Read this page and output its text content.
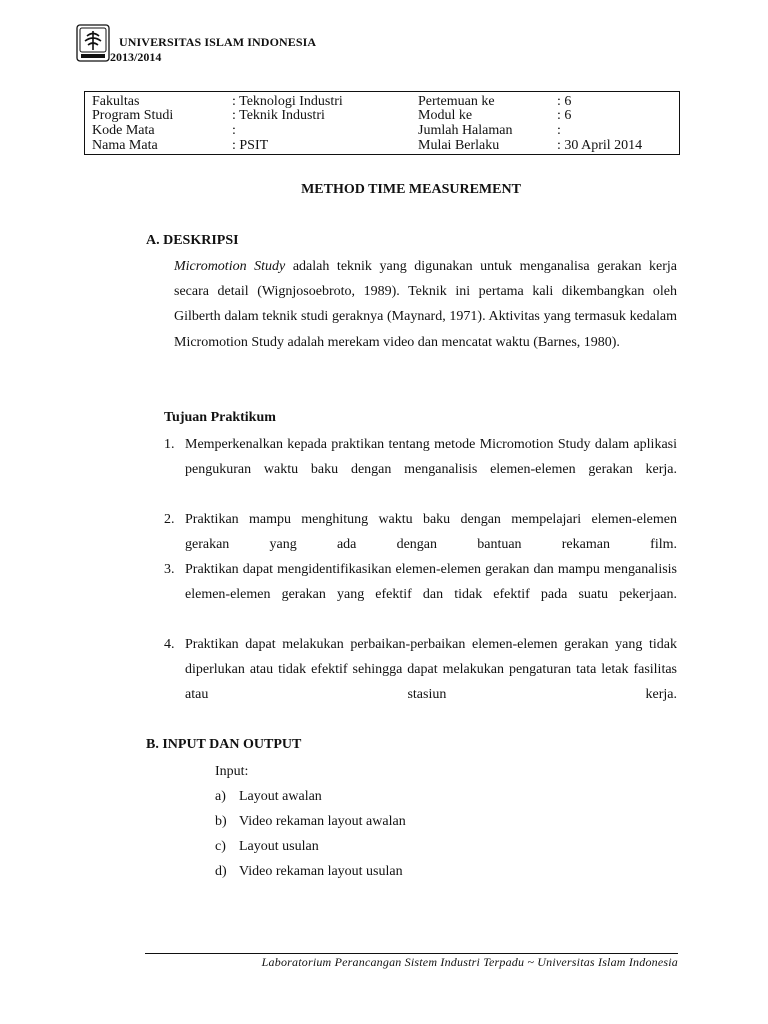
UNIVERSITAS ISLAM INDONESIA
2013/2014
Fakultas	: Teknologi Industri	Pertemuan ke	: 6
Program Studi	: Teknik Industri	Modul ke	: 6
Kode Mata	:	Jumlah Halaman	:
Nama Mata	: PSIT	Mulai Berlaku	: 30 April 2014
METHOD TIME MEASUREMENT
A. DESKRIPSI
Micromotion Study adalah teknik yang digunakan untuk menganalisa gerakan kerja secara detail (Wignjosoebroto, 1989). Teknik ini pertama kali dikembangkan oleh Gilberth dalam teknik studi geraknya (Maynard, 1971). Aktivitas yang termasuk kedalam Micromotion Study adalah merekam video dan mencatat waktu (Barnes, 1980).
Tujuan Praktikum
1. Memperkenalkan kepada praktikan tentang metode Micromotion Study dalam aplikasi pengukuran waktu baku dengan menganalisis elemen-elemen gerakan kerja.
2. Praktikan mampu menghitung waktu baku dengan mempelajari elemen-elemen gerakan yang ada dengan bantuan rekaman film.
3. Praktikan dapat mengidentifikasikan elemen-elemen gerakan dan mampu menganalisis elemen-elemen gerakan yang efektif dan tidak efektif pada suatu pekerjaan.
4. Praktikan dapat melakukan perbaikan-perbaikan elemen-elemen gerakan yang tidak diperlukan atau tidak efektif sehingga dapat melakukan pengaturan tata letak fasilitas atau stasiun kerja.
B. INPUT DAN OUTPUT
Input:
a) Layout awalan
b) Video rekaman layout awalan
c) Layout usulan
d) Video rekaman layout usulan
Laboratorium Perancangan Sistem Industri Terpadu ~ Universitas Islam Indonesia
